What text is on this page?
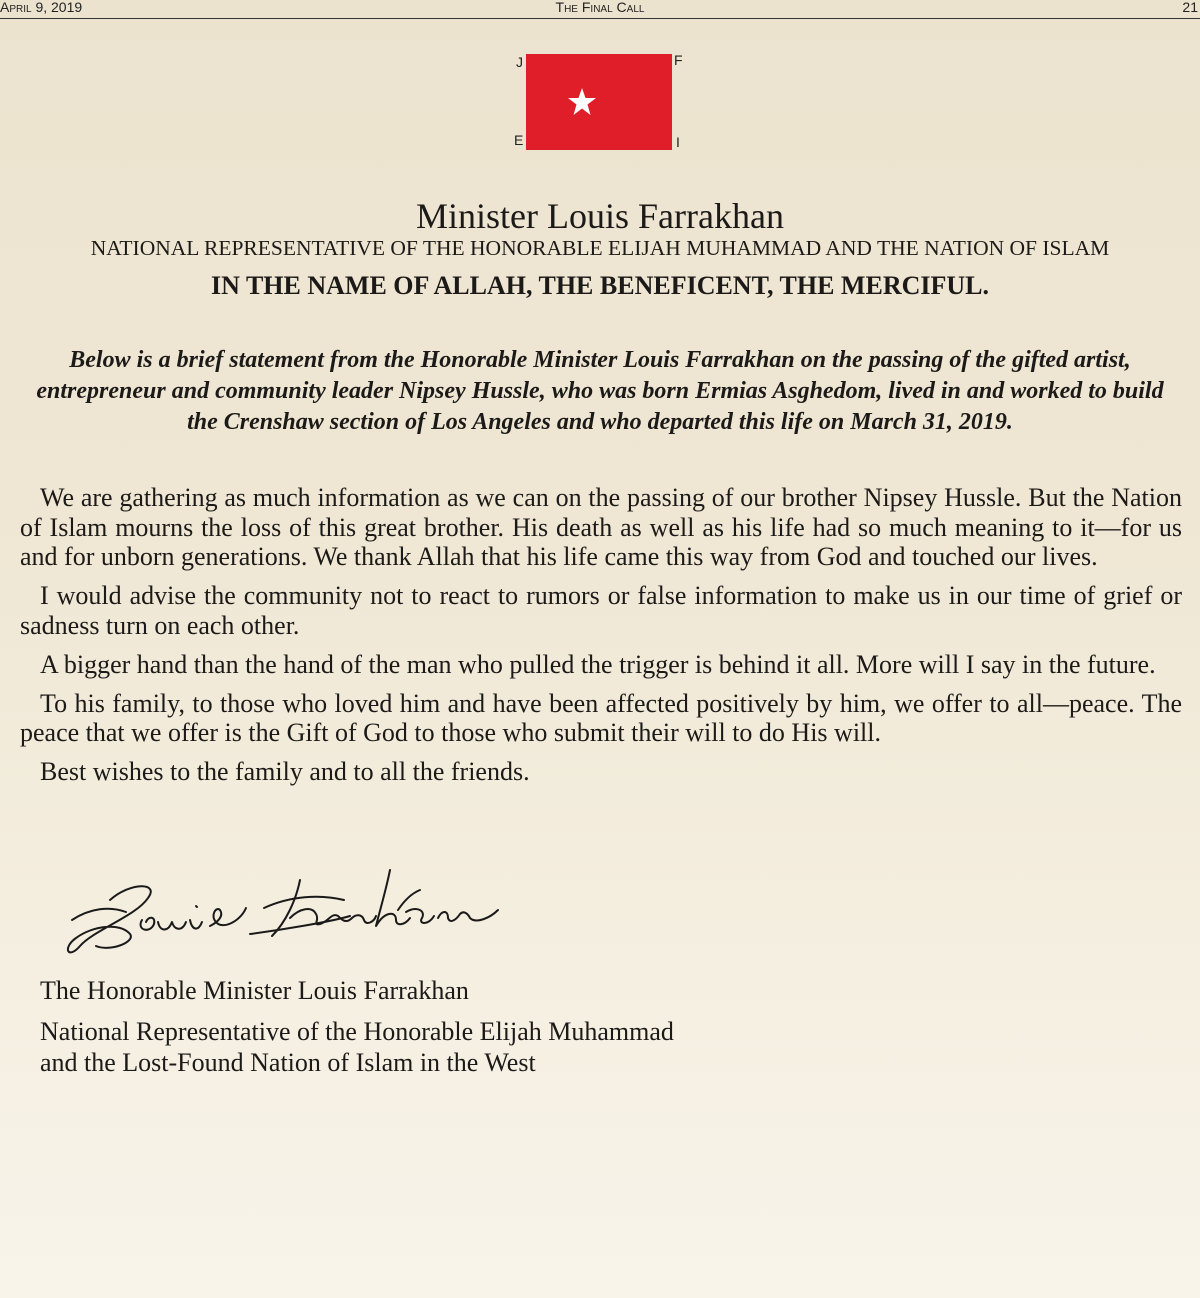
April 9, 2019	The Final Call	21
J	F
E	I
Minister Louis Farrakhan
NATIONAL REPRESENTATIVE OF THE HONORABLE ELIJAH MUHAMMAD AND THE NATION OF ISLAM
IN THE NAME OF ALLAH, THE BENEFICENT, THE MERCIFUL.
Below is a brief statement from the Honorable Minister Louis Farrakhan on the passing of the gifted artist, entrepreneur and community leader Nipsey Hussle, who was born Ermias Asghedom, lived in and worked to build the Crenshaw section of Los Angeles and who departed this life on March 31, 2019.

We are gathering as much information as we can on the passing of our brother Nipsey Hussle. But the Nation of Islam mourns the loss of this great brother. His death as well as his life had so much meaning to it—for us and for unborn generations. We thank Allah that his life came this way from God and touched our lives.

I would advise the community not to react to rumors or false information to make us in our time of grief or sadness turn on each other.

A bigger hand than the hand of the man who pulled the trigger is behind it all. More will I say in the future.

To his family, to those who loved him and have been affected positively by him, we offer to all—peace. The peace that we offer is the Gift of God to those who submit their will to do His will.

Best wishes to the family and to all the friends.

The Honorable Minister Louis Farrakhan
National Representative of the Honorable Elijah Muhammad
and the Lost-Found Nation of Islam in the West
